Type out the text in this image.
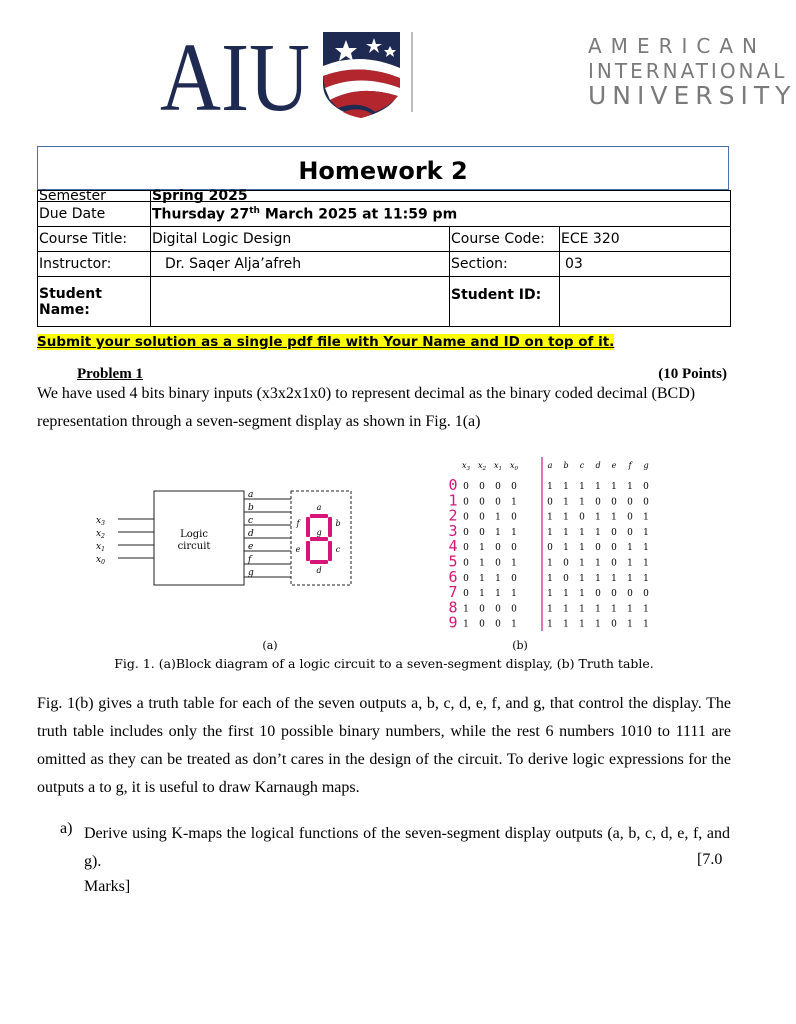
AIU	AMERICAN
INTERNATIONAL
UNIVERSITY
Homework 2
Semester	Spring 2025		
Due Date	Thursday 27th March 2025 at 11:59 pm		
Course Title:	Digital Logic Design	Course Code:	ECE 320
Instructor:	Dr. Saqer Alja’afreh	Section:	03
Student Name:		Student ID:	
Submit your solution as a single pdf file with Your Name and ID on top of it.
Problem 1	(10 Points)
We have used 4 bits binary inputs (x3x2x1x0) to represent decimal as the binary coded decimal (BCD) representation through a seven-segment display as shown in Fig. 1(a)
Logic
circuit
$x_3$
$x_2$
$x_1$
$x_0$
a
b
c
d
e
f
g
a
b
c
d
e
f
g
$x_3$ $x_2$ $x_1$ $x_0$	a b c d e f g
0 0 0 0 0	1 1 1 1 1 1 0
1 0 0 0 1	0 1 1 0 0 0 0
2 0 0 1 0	1 1 0 1 1 0 1
3 0 0 1 1	1 1 1 1 0 0 1
4 0 1 0 0	0 1 1 0 0 1 1
5 0 1 0 1	1 0 1 1 0 1 1
6 0 1 1 0	1 0 1 1 1 1 1
7 0 1 1 1	1 1 1 0 0 0 0
8 1 0 0 0	1 1 1 1 1 1 1
9 1 0 0 1	1 1 1 1 0 1 1
(a)	(b)
Fig. 1. (a)Block diagram of a logic circuit to a seven-segment display, (b) Truth table.
Fig. 1(b) gives a truth table for each of the seven outputs a, b, c, d, e, f, and g, that control the display. The truth table includes only the first 10 possible binary numbers, while the rest 6 numbers 1010 to 1111 are omitted as they can be treated as don’t cares in the design of the circuit. To derive logic expressions for the outputs a to g, it is useful to draw Karnaugh maps.
a) Derive using K-maps the logical functions of the seven-segment display outputs (a, b, c, d, e, f, and g).	[7.0
Marks]
